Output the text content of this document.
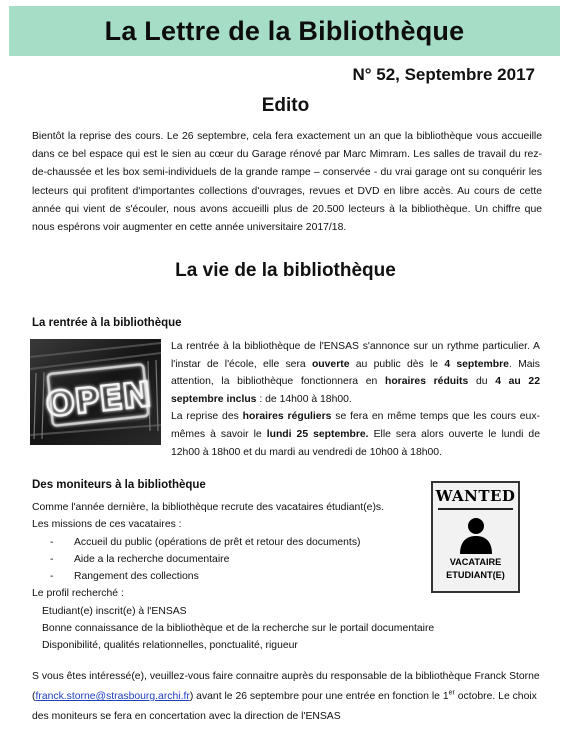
La Lettre de la Bibliothèque
N° 52, Septembre 2017
Edito
Bientôt la reprise des cours. Le 26 septembre, cela fera exactement un an que la bibliothèque vous accueille dans ce bel espace qui est le sien au cœur du Garage rénové par Marc Mimram. Les salles de travail du rez-de-chaussée et les box semi-individuels de la grande rampe – conservée - du vrai garage ont su conquérir les lecteurs qui profitent d'importantes collections d'ouvrages, revues et DVD en libre accès. Au cours de cette année qui vient de s'écouler, nous avons accueilli plus de 20.500 lecteurs à la bibliothèque. Un chiffre que nous espérons voir augmenter en cette année universitaire 2017/18.
La vie de la bibliothèque
La rentrée à la bibliothèque
OPEN

La rentrée à la bibliothèque de l'ENSAS s'annonce sur un rythme particulier. A l'instar de l'école, elle sera ouverte au public dès le 4 septembre. Mais attention, la bibliothèque fonctionnera en horaires réduits du 4 au 22 septembre inclus : de 14h00 à 18h00.

La reprise des horaires réguliers se fera en même temps que les cours eux-mêmes à savoir le lundi 25 septembre. Elle sera alors ouverte le lundi de 12h00 à 18h00 et du mardi au vendredi de 10h00 à 18h00.

Des moniteurs à la bibliothèque
Comme l'année dernière, la bibliothèque recrute des vacataires étudiant(e)s.
Les missions de ces vacataires :
- Accueil du public (opérations de prêt et retour des documents)
- Aide a la recherche documentaire
- Rangement des collections
Le profil recherché :
Etudiant(e) inscrit(e) à l'ENSAS
Bonne connaissance de la bibliothèque et de la recherche sur le portail documentaire
Disponibilité, qualités relationnelles, ponctualité, rigueur
WANTED
VACATAIRE
ETUDIANT(E)
S vous êtes intéressé(e), veuillez-vous faire connaitre auprès du responsable de la bibliothèque Franck Storne (franck.storne@strasbourg.archi.fr) avant le 26 septembre pour une entrée en fonction le 1er octobre. Le choix des moniteurs se fera en concertation avec la direction de l'ENSAS
